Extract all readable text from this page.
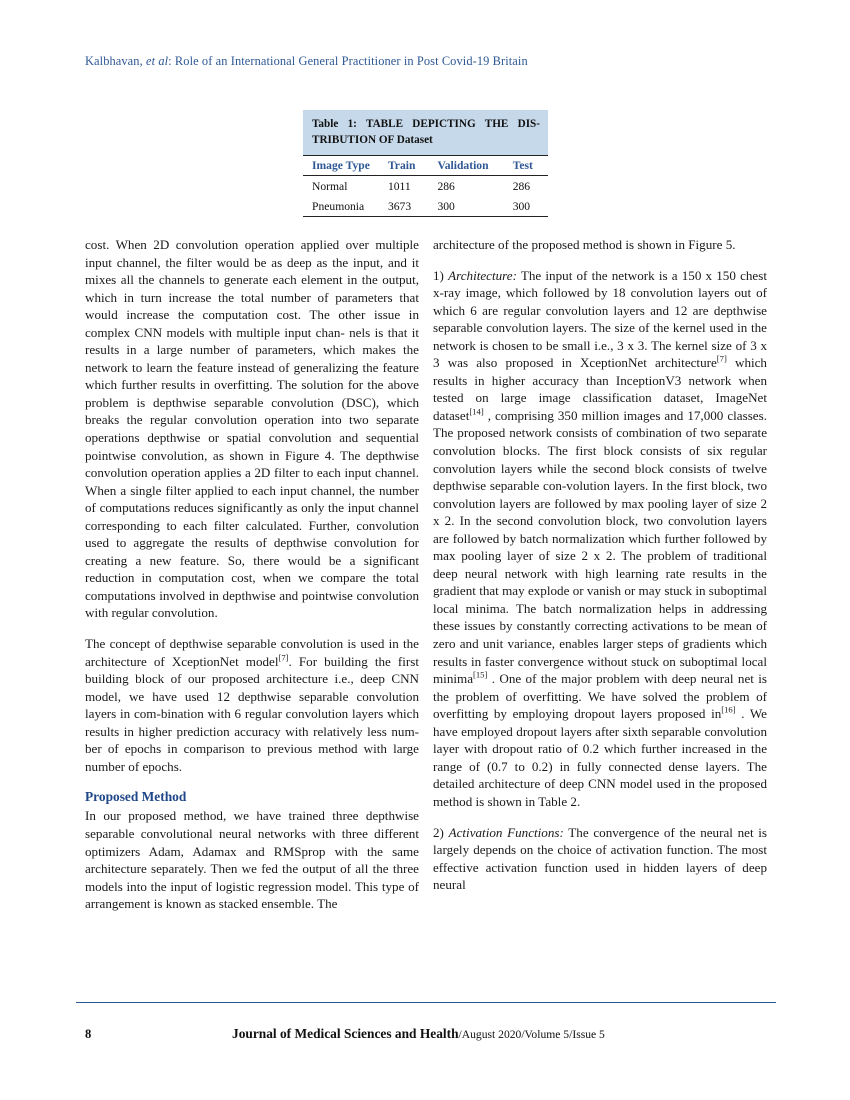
Kalbhavan, et al: Role of an International General Practitioner in Post Covid-19 Britain
Table 1: TABLE DEPICTING THE DIS-
TRIBUTION OF Dataset
Image Type	Train	Validation	Test
Normal	1011	286	286
Pneumonia	3673	300	300

cost. When 2D convolution operation applied over multiple input channel, the filter would be as deep as the input, and it mixes all the channels to generate each element in the output, which in turn increase the total number of parameters that would increase the computation cost. The other issue in complex CNN models with multiple input chan- nels is that it results in a large number of parameters, which makes the network to learn the feature instead of generalizing the feature which further results in overfitting. The solution for the above problem is depthwise separable convolution (DSC), which breaks the regular convolution operation into two separate operations depthwise or spatial convolution and sequential pointwise convolution, as shown in Figure 4. The depthwise convolution operation applies a 2D filter to each input channel. When a single filter applied to each input channel, the number of computations reduces significantly as only the input channel corresponding to each filter calculated. Further, convolution used to aggregate the results of depthwise convolution for creating a new feature. So, there would be a significant reduction in computation cost, when we compare the total computations involved in depthwise and pointwise convolution with regular convolution.

The concept of depthwise separable convolution is used in the architecture of XceptionNet model[7]. For building the first building block of our proposed architecture i.e., deep CNN model, we have used 12 depthwise separable convolution layers in com-bination with 6 regular convolution layers which results in higher prediction accuracy with relatively less num- ber of epochs in comparison to previous method with large number of epochs.

Proposed Method

In our proposed method, we have trained three depthwise separable convolutional neural networks with three different optimizers Adam, Adamax and RMSprop with the same architecture separately. Then we fed the output of all the three models into the input of logistic regression model. This type of arrangement is known as stacked ensemble. The

architecture of the proposed method is shown in Figure 5.

1) Architecture: The input of the network is a 150 x 150 chest x-ray image, which followed by 18 convolution layers out of which 6 are regular convolution layers and 12 are depthwise separable convolution layers. The size of the kernel used in the network is chosen to be small i.e., 3 x 3. The kernel size of 3 x 3 was also proposed in XceptionNet architecture[7] which results in higher accuracy than InceptionV3 network when tested on large image classification dataset, ImageNet dataset[14] , comprising 350 million images and 17,000 classes. The proposed network consists of combination of two separate convolution blocks. The first block consists of six regular convolution layers while the second block consists of twelve depthwise separable con-volution layers. In the first block, two convolution layers are followed by max pooling layer of size 2 x 2. In the second convolution block, two convolution layers are followed by batch normalization which further followed by max pooling layer of size 2 x 2. The problem of traditional deep neural network with high learning rate results in the gradient that may explode or vanish or may stuck in suboptimal local minima. The batch normalization helps in addressing these issues by constantly correcting activations to be mean of zero and unit variance, enables larger steps of gradients which results in faster convergence without stuck on suboptimal local minima[15] . One of the major problem with deep neural net is the problem of overfitting. We have solved the problem of overfitting by employing dropout layers proposed in[16] . We have employed dropout layers after sixth separable convolution layer with dropout ratio of 0.2 which further increased in the range of (0.7 to 0.2) in fully connected dense layers. The detailed architecture of deep CNN model used in the proposed method is shown in Table 2.

2) Activation Functions: The convergence of the neural net is largely depends on the choice of activation function. The most effective activation function used in hidden layers of deep neural

8	Journal of Medical Sciences and Health/August 2020/Volume 5/Issue 5
